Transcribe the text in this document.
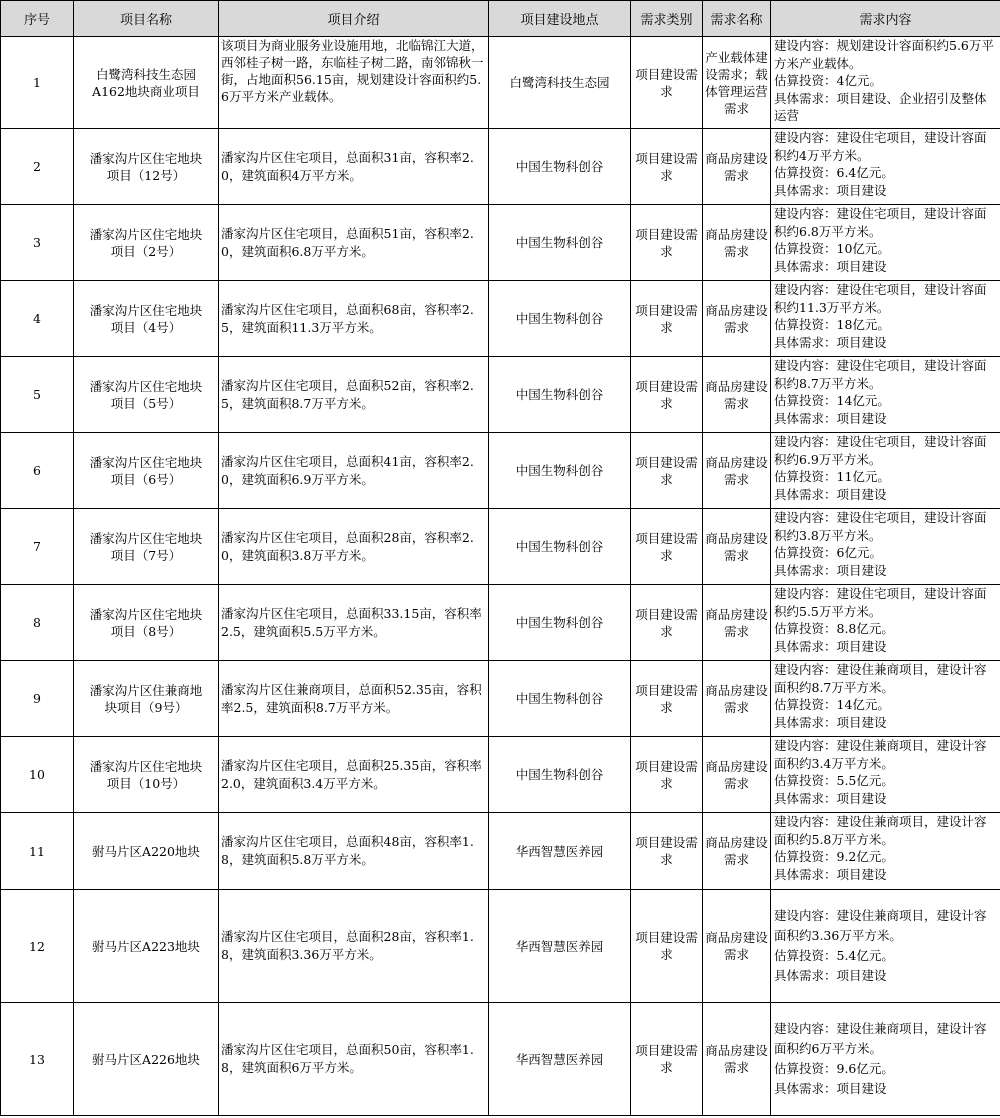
序号	项目名称	项目介绍	项目建设地点	需求类别	需求名称	需求内容

1	白鹭湾科技生态园
A162地块商业项目	该项目为商业服务业设施用地，北临锦江大道，西邻桂子树一路，东临桂子树二路，南邻锦秋一街，占地面积56.15亩，规划建设计容面积约5.6万平方米产业载体。	白鹭湾科技生态园	项目建设需求	产业载体建设需求；载体管理运营需求	建设内容：规划建设计容面积约5.6万平方米产业载体。
估算投资：4亿元。
具体需求：项目建设、企业招引及整体运营

2	潘家沟片区住宅地块
项目（12号）	潘家沟片区住宅项目，总面积31亩，容积率2.0，建筑面积4万平方米。	中国生物科创谷	项目建设需求	商品房建设需求	建设内容：建设住宅项目，建设计容面积约4万平方米。
估算投资：6.4亿元。
具体需求：项目建设

3	潘家沟片区住宅地块
项目（2号）	潘家沟片区住宅项目，总面积51亩，容积率2.0，建筑面积6.8万平方米。	中国生物科创谷	项目建设需求	商品房建设需求	建设内容：建设住宅项目，建设计容面积约6.8万平方米。
估算投资：10亿元。
具体需求：项目建设

4	潘家沟片区住宅地块
项目（4号）	潘家沟片区住宅项目，总面积68亩，容积率2.5，建筑面积11.3万平方米。	中国生物科创谷	项目建设需求	商品房建设需求	建设内容：建设住宅项目，建设计容面积约11.3万平方米。
估算投资：18亿元。
具体需求：项目建设

5	潘家沟片区住宅地块
项目（5号）	潘家沟片区住宅项目，总面积52亩，容积率2.5，建筑面积8.7万平方米。	中国生物科创谷	项目建设需求	商品房建设需求	建设内容：建设住宅项目，建设计容面积约8.7万平方米。
估算投资：14亿元。
具体需求：项目建设

6	潘家沟片区住宅地块
项目（6号）	潘家沟片区住宅项目，总面积41亩，容积率2.0，建筑面积6.9万平方米。	中国生物科创谷	项目建设需求	商品房建设需求	建设内容：建设住宅项目，建设计容面积约6.9万平方米。
估算投资：11亿元。
具体需求：项目建设

7	潘家沟片区住宅地块
项目（7号）	潘家沟片区住宅项目，总面积28亩，容积率2.0，建筑面积3.8万平方米。	中国生物科创谷	项目建设需求	商品房建设需求	建设内容：建设住宅项目，建设计容面积约3.8万平方米。
估算投资：6亿元。
具体需求：项目建设

8	潘家沟片区住宅地块
项目（8号）	潘家沟片区住宅项目，总面积33.15亩，容积率2.5，建筑面积5.5万平方米。	中国生物科创谷	项目建设需求	商品房建设需求	建设内容：建设住宅项目，建设计容面积约5.5万平方米。
估算投资：8.8亿元。
具体需求：项目建设

9	潘家沟片区住兼商地
块项目（9号）	潘家沟片区住兼商项目，总面积52.35亩，容积率2.5，建筑面积8.7万平方米。	中国生物科创谷	项目建设需求	商品房建设需求	建设内容：建设住兼商项目，建设计容面积约8.7万平方米。
估算投资：14亿元。
具体需求：项目建设

10	潘家沟片区住宅地块
项目（10号）	潘家沟片区住宅项目，总面积25.35亩，容积率2.0，建筑面积3.4万平方米。	中国生物科创谷	项目建设需求	商品房建设需求	建设内容：建设住兼商项目，建设计容面积约3.4万平方米。
估算投资：5.5亿元。
具体需求：项目建设

11	驸马片区A220地块	潘家沟片区住宅项目，总面积48亩，容积率1.8，建筑面积5.8万平方米。	华西智慧医养园	项目建设需求	商品房建设需求	建设内容：建设住兼商项目，建设计容面积约5.8万平方米。
估算投资：9.2亿元。
具体需求：项目建设

12	驸马片区A223地块	潘家沟片区住宅项目，总面积28亩，容积率1.8，建筑面积3.36万平方米。	华西智慧医养园	项目建设需求	商品房建设需求	建设内容：建设住兼商项目，建设计容面积约3.36万平方米。
估算投资：5.4亿元。
具体需求：项目建设

13	驸马片区A226地块	潘家沟片区住宅项目，总面积50亩，容积率1.8，建筑面积6万平方米。	华西智慧医养园	项目建设需求	商品房建设需求	建设内容：建设住兼商项目，建设计容面积约6万平方米。
估算投资：9.6亿元。
具体需求：项目建设
